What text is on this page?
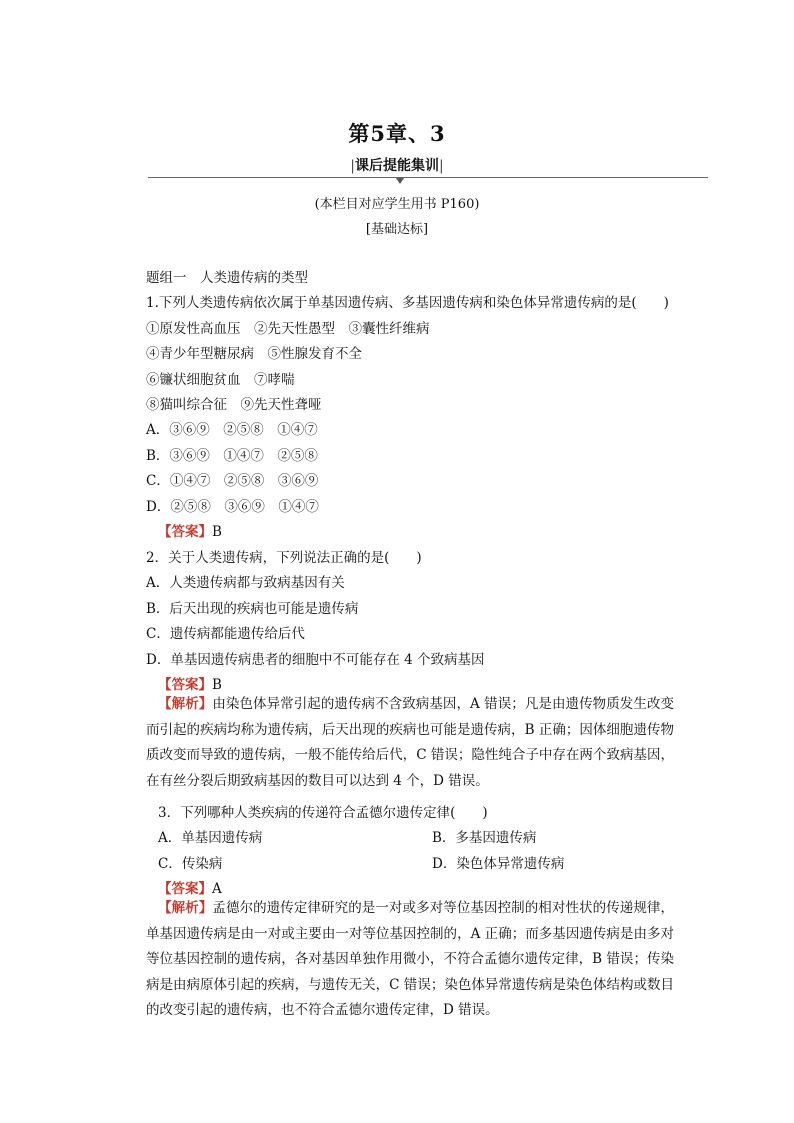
第5章、3
|课后提能集训|
(本栏目对应学生用书 P160)
[基础达标]
题组一　人类遗传病的类型
1.下列人类遗传病依次属于单基因遗传病、多基因遗传病和染色体异常遗传病的是(　　)
①原发性高血压　②先天性愚型　③囊性纤维病
④青少年型糖尿病　⑤性腺发育不全
⑥镰状细胞贫血　⑦哮喘
⑧猫叫综合征　⑨先天性聋哑
A．③⑥⑨　②⑤⑧　①④⑦
B．③⑥⑨　①④⑦　②⑤⑧
C．①④⑦　②⑤⑧　③⑥⑨
D．②⑤⑧　③⑥⑨　①④⑦
【答案】B
2．关于人类遗传病，下列说法正确的是(　　)
A．人类遗传病都与致病基因有关
B．后天出现的疾病也可能是遗传病
C．遗传病都能遗传给后代
D．单基因遗传病患者的细胞中不可能存在 4 个致病基因
【答案】B
【解析】由染色体异常引起的遗传病不含致病基因，A 错误；凡是由遗传物质发生改变而引起的疾病均称为遗传病，后天出现的疾病也可能是遗传病，B 正确；因体细胞遗传物质改变而导致的遗传病，一般不能传给后代，C 错误；隐性纯合子中存在两个致病基因，在有丝分裂后期致病基因的数目可以达到 4 个，D 错误。
3．下列哪种人类疾病的传递符合孟德尔遗传定律(　　)
A．单基因遗传病	B．多基因遗传病
C．传染病	D．染色体异常遗传病
【答案】A
【解析】孟德尔的遗传定律研究的是一对或多对等位基因控制的相对性状的传递规律，单基因遗传病是由一对或主要由一对等位基因控制的，A 正确；而多基因遗传病是由多对等位基因控制的遗传病，各对基因单独作用微小，不符合孟德尔遗传定律，B 错误；传染病是由病原体引起的疾病，与遗传无关，C 错误；染色体异常遗传病是染色体结构或数目的改变引起的遗传病，也不符合孟德尔遗传定律，D 错误。
